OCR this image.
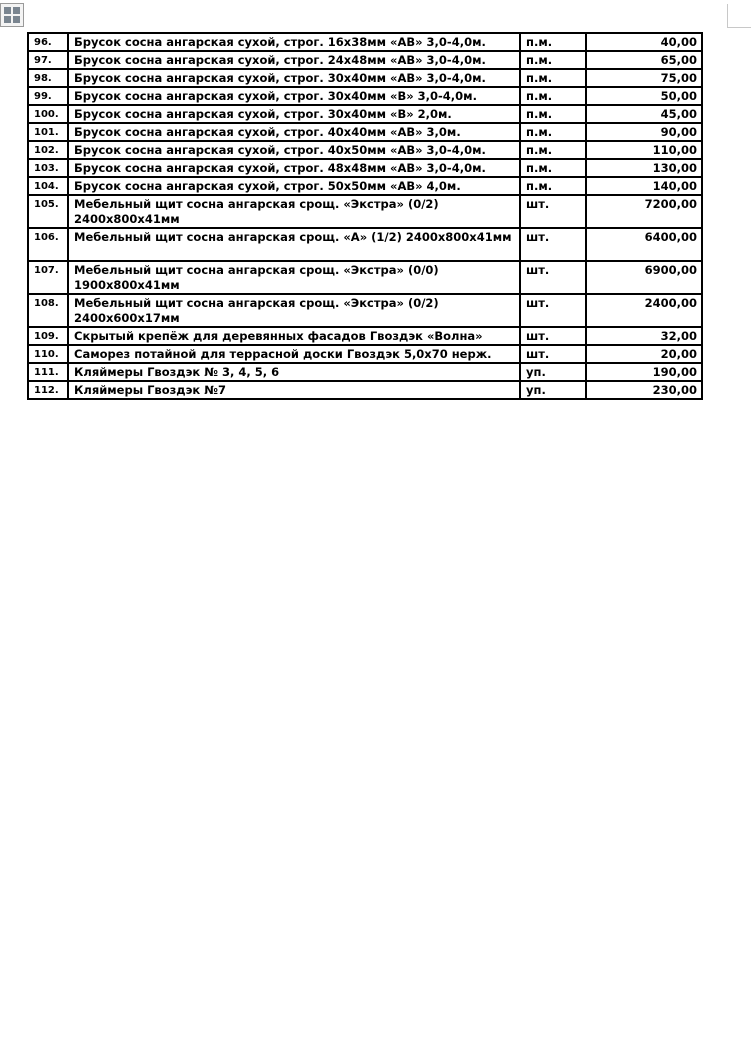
96.	Брусок сосна ангарская сухой, строг. 16х38мм «АВ» 3,0-4,0м.	п.м.	40,00
97.	Брусок сосна ангарская сухой, строг. 24х48мм «АВ» 3,0-4,0м.	п.м.	65,00
98.	Брусок сосна ангарская сухой, строг. 30х40мм «АВ» 3,0-4,0м.	п.м.	75,00
99.	Брусок сосна ангарская сухой, строг. 30х40мм «В» 3,0-4,0м.	п.м.	50,00
100.	Брусок сосна ангарская сухой, строг. 30х40мм «В» 2,0м.	п.м.	45,00
101.	Брусок сосна ангарская сухой, строг. 40х40мм «АВ» 3,0м.	п.м.	90,00
102.	Брусок сосна ангарская сухой, строг. 40х50мм «АВ» 3,0-4,0м.	п.м.	110,00
103.	Брусок сосна ангарская сухой, строг. 48х48мм «АВ» 3,0-4,0м.	п.м.	130,00
104.	Брусок сосна ангарская сухой, строг. 50х50мм «АВ» 4,0м.	п.м.	140,00
105.	Мебельный щит сосна ангарская срощ. «Экстра» (0/2) 2400х800х41мм	шт.	7200,00
106.	Мебельный щит сосна ангарская срощ. «А» (1/2) 2400х800х41мм	шт.	6400,00
107.	Мебельный щит сосна ангарская срощ. «Экстра» (0/0) 1900х800х41мм	шт.	6900,00
108.	Мебельный щит сосна ангарская срощ. «Экстра» (0/2) 2400х600х17мм	шт.	2400,00
109.	Скрытый крепёж для деревянных фасадов Гвоздэк «Волна»	шт.	32,00
110.	Саморез потайной для террасной доски Гвоздэк 5,0х70 нерж.	шт.	20,00
111.	Кляймеры Гвоздэк № 3, 4, 5, 6	уп.	190,00
112.	Кляймеры Гвоздэк №7	уп.	230,00
